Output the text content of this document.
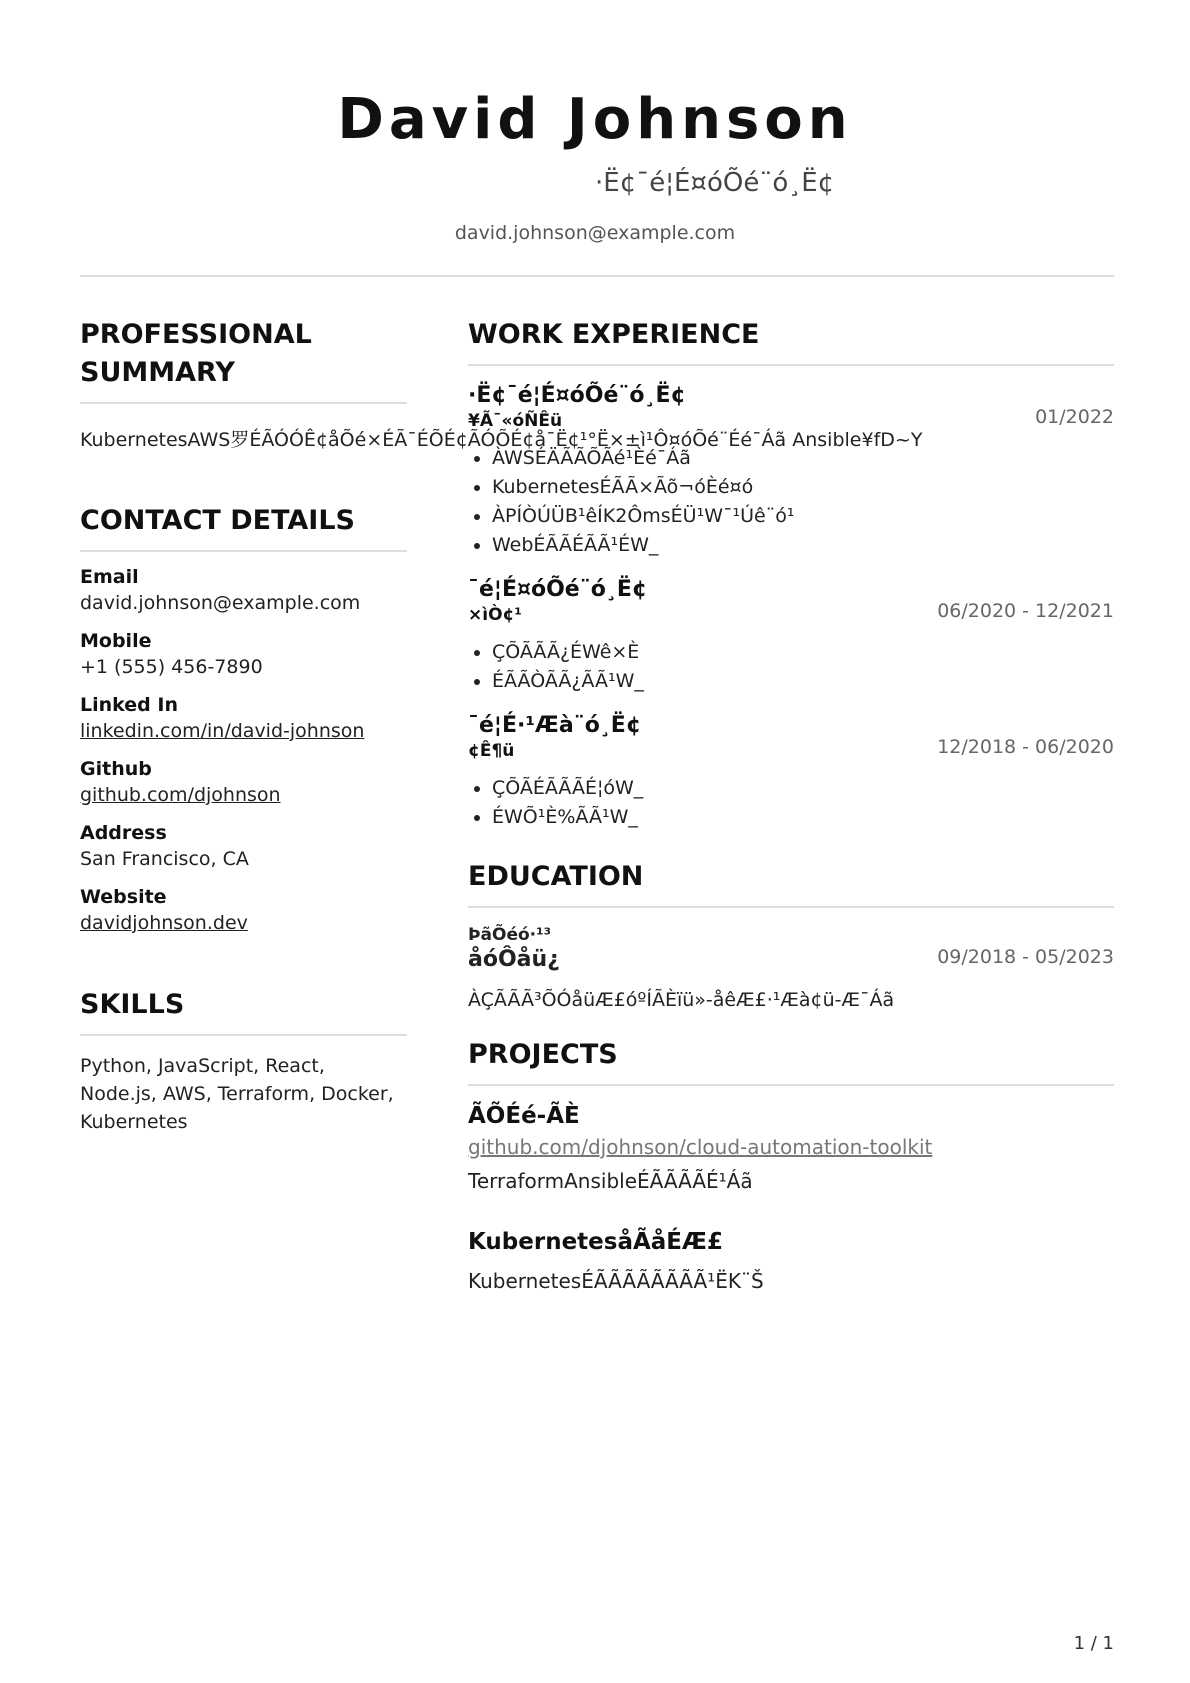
David Johnson

·Ë¢¯é¦É¤óÕé¨ó¸Ë¢

david.johnson@example.com

PROFESSIONAL
SUMMARY

KubernetesAWS罗ÉÃÓÓÊ¢åÕé×ÉÃ¯ÉÕÉ¢ÃÓÕÉ¢å¯Ë¢¹°Ë×±ì¹Ô¤óÕé¨Éé¯Áã Ansible¥fD~Y

CONTACT DETAILS

Email

david.johnson@example.com

Mobile

+1 (555) 456-7890

Linked In

linkedin.com/in/david-johnson

Github

github.com/djohnson

Address

San Francisco, CA

Website

davidjohnson.dev

SKILLS

Python, JavaScript, React, Node.js, AWS, Terraform, Docker, Kubernetes

WORK EXPERIENCE

·Ë¢¯é¦É¤óÕé¨ó¸Ë¢

¥Ã¯«óÑÊü	01/2022
• ÀWSÉÄÃÃÕÃé¹Èé¯Áã
• KubernetesÉÃÃ×Ãõ¬óÈé¤ó
• ÀPÍÒÚÜB¹êÍK2ÔmsÉÜ¹W¯¹Úê¨ó¹
• WebÉÃÃÉÃÃ¹ÉW_

¯é¦É¤óÕé¨ó¸Ë¢

×ìÒ¢¹	06/2020 - 12/2021
• ÇÕÃÃÃ¿ÉWê×È
• ÉÃÃÒÃÃ¿ÃÃ¹W_

¯é¦É·¹Æà¨ó¸Ë¢

¢Ê¶ü	12/2018 - 06/2020
• ÇÕÃÉÃÃÃÉ¦óW_
• ÉWÕ¹È%ÃÃ¹W_
EDUCATION

ÞãÕéó·¹³

åóÔåü¿	09/2018 - 05/2023

ÀÇÃÃÃ³ÕÓåüÆ£óºÍÃÈïü»-åêÆ£·¹Æà¢ü-Æ¯Áã

PROJECTS

ÃÕÉé-ÃÈ

github.com/djohnson/cloud-automation-toolkit

TerraformAnsibleÉÃÃÃÃÉ¹Áã

KubernetesåÃåÉÆ£

KubernetesÉÃÃÃÃÃÃÃÃ¹ËK¨Š

1 / 1
